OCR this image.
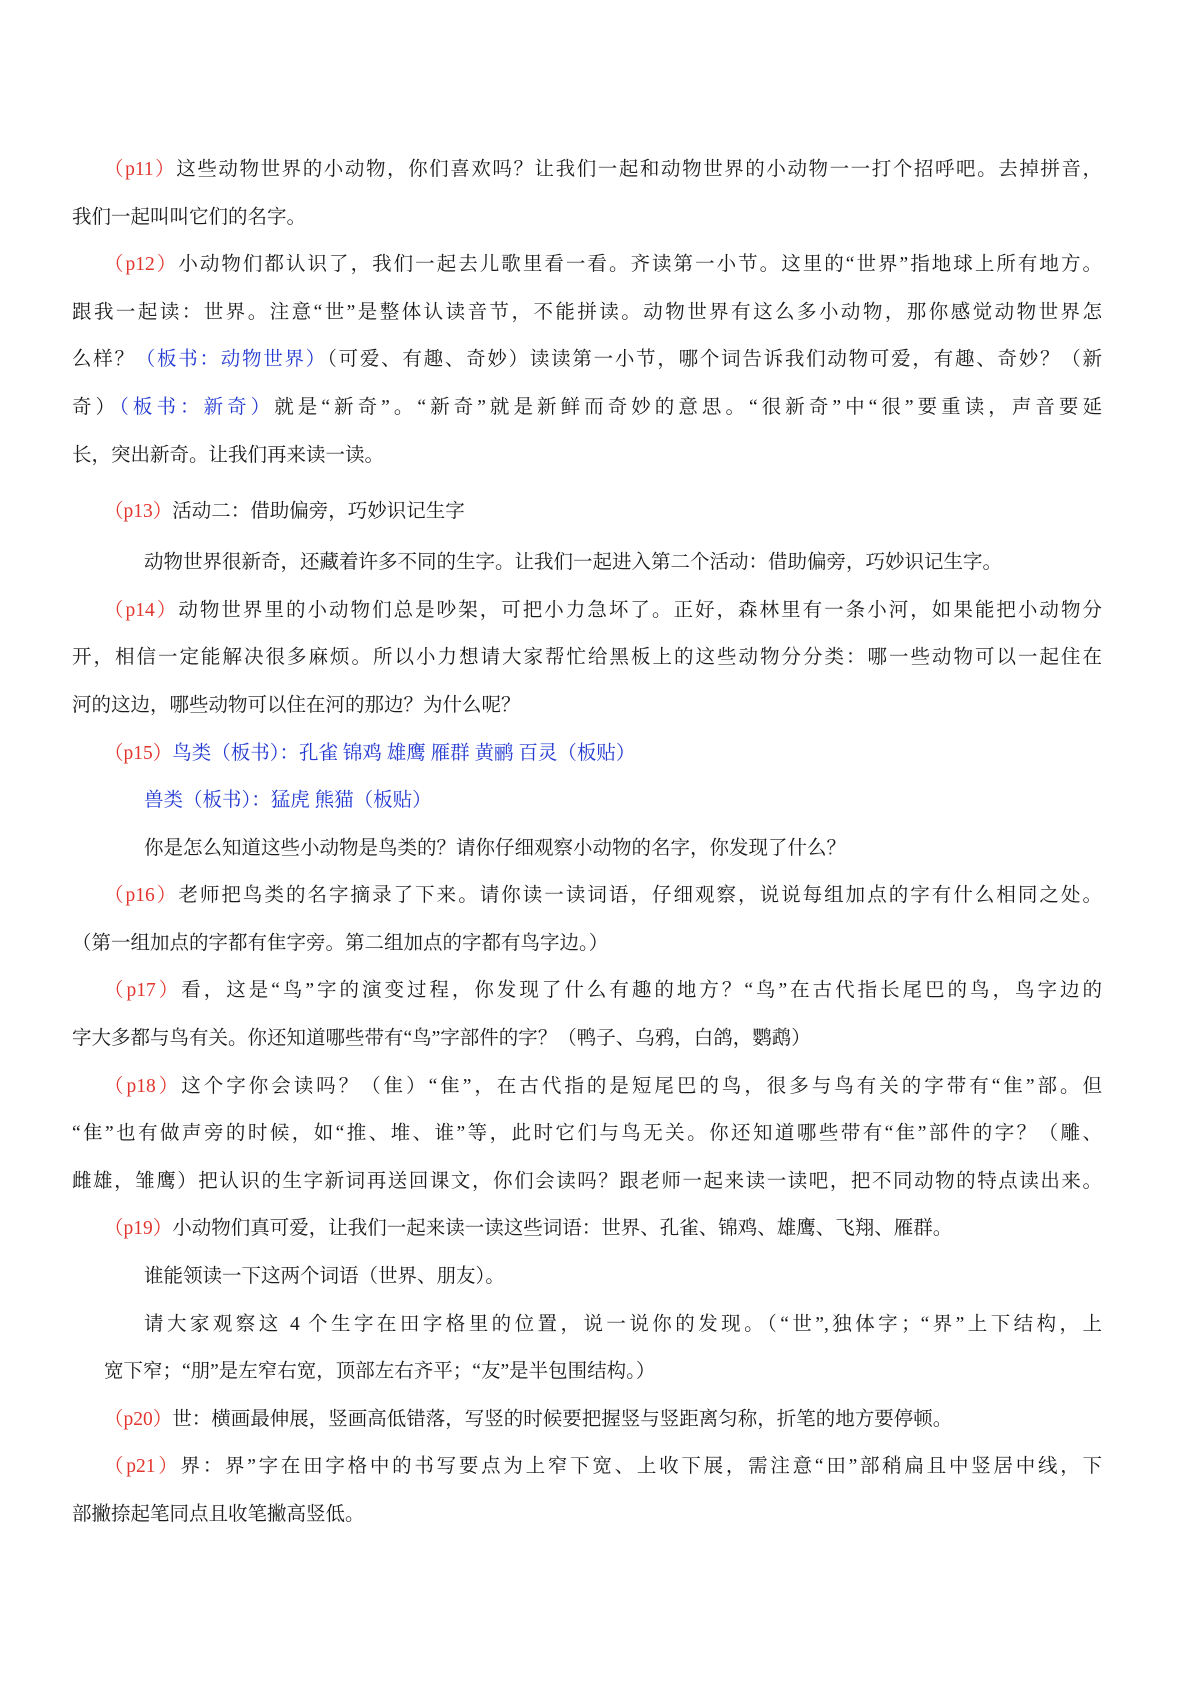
（p11）这些动物世界的小动物，你们喜欢吗？让我们一起和动物世界的小动物一一打个招呼吧。去掉拼音，
我们一起叫叫它们的名字。
（p12）小动物们都认识了，我们一起去儿歌里看一看。齐读第一小节。这里的“世界”指地球上所有地方。
跟我一起读：世界。注意“世”是整体认读音节，不能拼读。动物世界有这么多小动物，那你感觉动物世界怎
么样？（板书：动物世界）（可爱、有趣、奇妙）读读第一小节，哪个词告诉我们动物可爱，有趣、奇妙？（新
奇）（板书：新奇）就是“新奇”。“新奇”就是新鲜而奇妙的意思。“很新奇”中“很”要重读，声音要延
长，突出新奇。让我们再来读一读。
（p13）活动二：借助偏旁，巧妙识记生字
动物世界很新奇，还藏着许多不同的生字。让我们一起进入第二个活动：借助偏旁，巧妙识记生字。
（p14）动物世界里的小动物们总是吵架，可把小力急坏了。正好，森林里有一条小河，如果能把小动物分
开，相信一定能解决很多麻烦。所以小力想请大家帮忙给黑板上的这些动物分分类：哪一些动物可以一起住在
河的这边，哪些动物可以住在河的那边？为什么呢？
（p15）鸟类（板书）：孔雀 锦鸡 雄鹰 雁群 黄鹂 百灵（板贴）
兽类（板书）：猛虎 熊猫（板贴）
你是怎么知道这些小动物是鸟类的？请你仔细观察小动物的名字，你发现了什么？
（p16）老师把鸟类的名字摘录了下来。请你读一读词语，仔细观察，说说每组加点的字有什么相同之处。
（第一组加点的字都有隹字旁。第二组加点的字都有鸟字边。）
（p17）看，这是“鸟”字的演变过程，你发现了什么有趣的地方？“鸟”在古代指长尾巴的鸟，鸟字边的
字大多都与鸟有关。你还知道哪些带有“鸟”字部件的字？（鸭子、乌鸦，白鸽，鹦鹉）
（p18）这个字你会读吗？（隹）“隹”，在古代指的是短尾巴的鸟，很多与鸟有关的字带有“隹”部。但
“隹”也有做声旁的时候，如“推、堆、谁”等，此时它们与鸟无关。你还知道哪些带有“隹”部件的字？（雕、
雌雄，雏鹰）把认识的生字新词再送回课文，你们会读吗？跟老师一起来读一读吧，把不同动物的特点读出来。
（p19）小动物们真可爱，让我们一起来读一读这些词语：世界、孔雀、锦鸡、雄鹰、飞翔、雁群。
谁能领读一下这两个词语（世界、朋友）。
请大家观察这 4 个生字在田字格里的位置，说一说你的发现。（“世”,独体字；“界”上下结构，上
宽下窄；“朋”是左窄右宽，顶部左右齐平；“友”是半包围结构。）
（p20）世：横画最伸展，竖画高低错落，写竖的时候要把握竖与竖距离匀称，折笔的地方要停顿。
（p21）界：界”字在田字格中的书写要点为上窄下宽、上收下展，需注意“田”部稍扁且中竖居中线，下
部撇捺起笔同点且收笔撇高竖低。
